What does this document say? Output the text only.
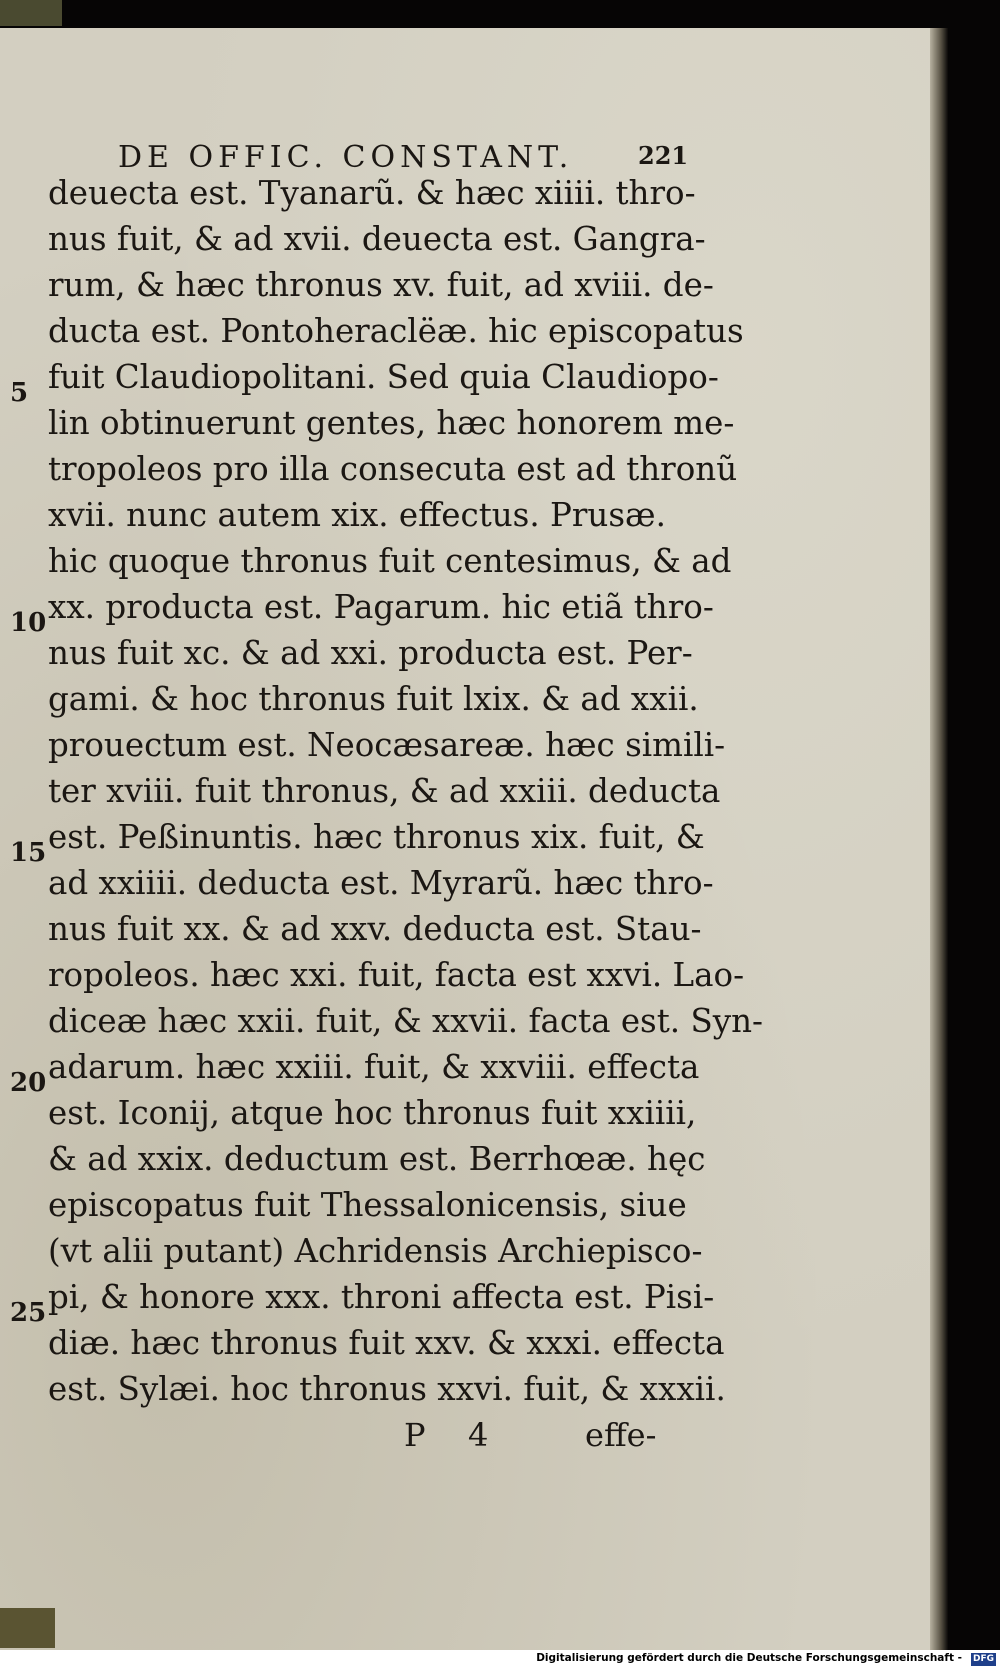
DE OFFIC. CONSTANT.	221
deuecta est. Tyanarũ. & hæc xiiii. thro-
nus fuit, & ad xvii. deuecta est. Gangra-
rum, & hæc thronus xv. fuit, ad xviii. de-
ducta est. Pontoheraclëæ. hic episcopatus
fuit Claudiopolitani. Sed quia Claudiopo-
lin obtinuerunt gentes, hæc honorem me-
tropoleos pro illa consecuta est ad thronũ
xvii. nunc autem xix. effectus. Prusæ.
hic quoque thronus fuit centesimus, & ad
xx. producta est. Pagarum. hic etiã thro-
nus fuit xc. & ad xxi. producta est. Per-
gami. & hoc thronus fuit lxix. & ad xxii.
prouectum est. Neocæsareæ. hæc simili-
ter xviii. fuit thronus, & ad xxiii. deducta
est. Peßinuntis. hæc thronus xix. fuit, &
ad xxiiii. deducta est. Myrarũ. hæc thro-
nus fuit xx. & ad xxv. deducta est. Stau-
ropoleos. hæc xxi. fuit, facta est xxvi. Lao-
diceæ hæc xxii. fuit, & xxvii. facta est. Syn-
adarum. hæc xxiii. fuit, & xxviii. effecta
est. Iconij, atque hoc thronus fuit xxiiii,
& ad xxix. deductum est. Berrhœæ. hęc
episcopatus fuit Thessalonicensis, siue
(vt alii putant) Achridensis Archiepisco-
pi, & honore xxx. throni affecta est. Pisi-
diæ. hæc thronus fuit xxv. & xxxi. effecta
est. Sylæi. hoc thronus xxvi. fuit, & xxxii.
5
10
15
20
25
P 4	effe-
Digitalisierung gefördert durch die Deutsche Forschungsgemeinschaft - DFG
